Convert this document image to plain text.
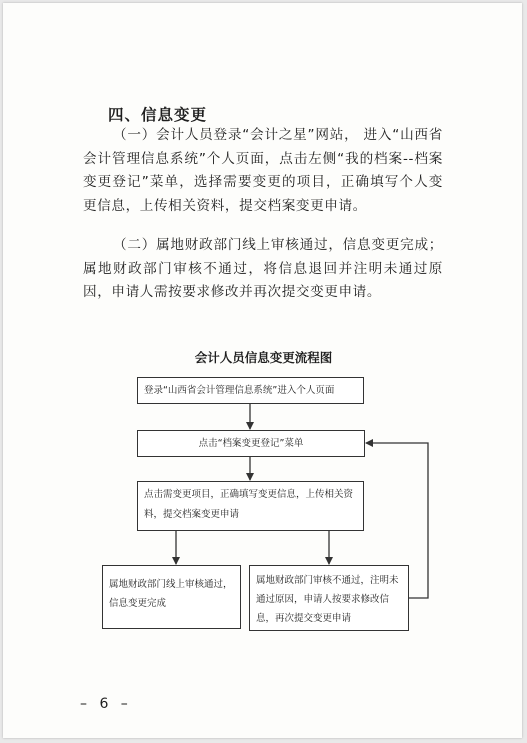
四、信息变更
（一）会计人员登录“会计之星”网站， 进入“山西省会计管理信息系统”个人页面，点击左侧“我的档案--档案变更登记”菜单，选择需要变更的项目，正确填写个人变更信息，上传相关资料，提交档案变更申请。
（二）属地财政部门线上审核通过，信息变更完成；属地财政部门审核不通过，将信息退回并注明未通过原因，申请人需按要求修改并再次提交变更申请。
会计人员信息变更流程图
登录“山西省会计管理信息系统”进入个人页面
点击“档案变更登记”菜单
点击需变更项目，正确填写变更信息，上传相关资料，提交档案变更申请
属地财政部门线上审核通过，信息变更完成
属地财政部门审核不通过，注明未通过原因，申请人按要求修改信息，再次提交变更申请
– 6 –
